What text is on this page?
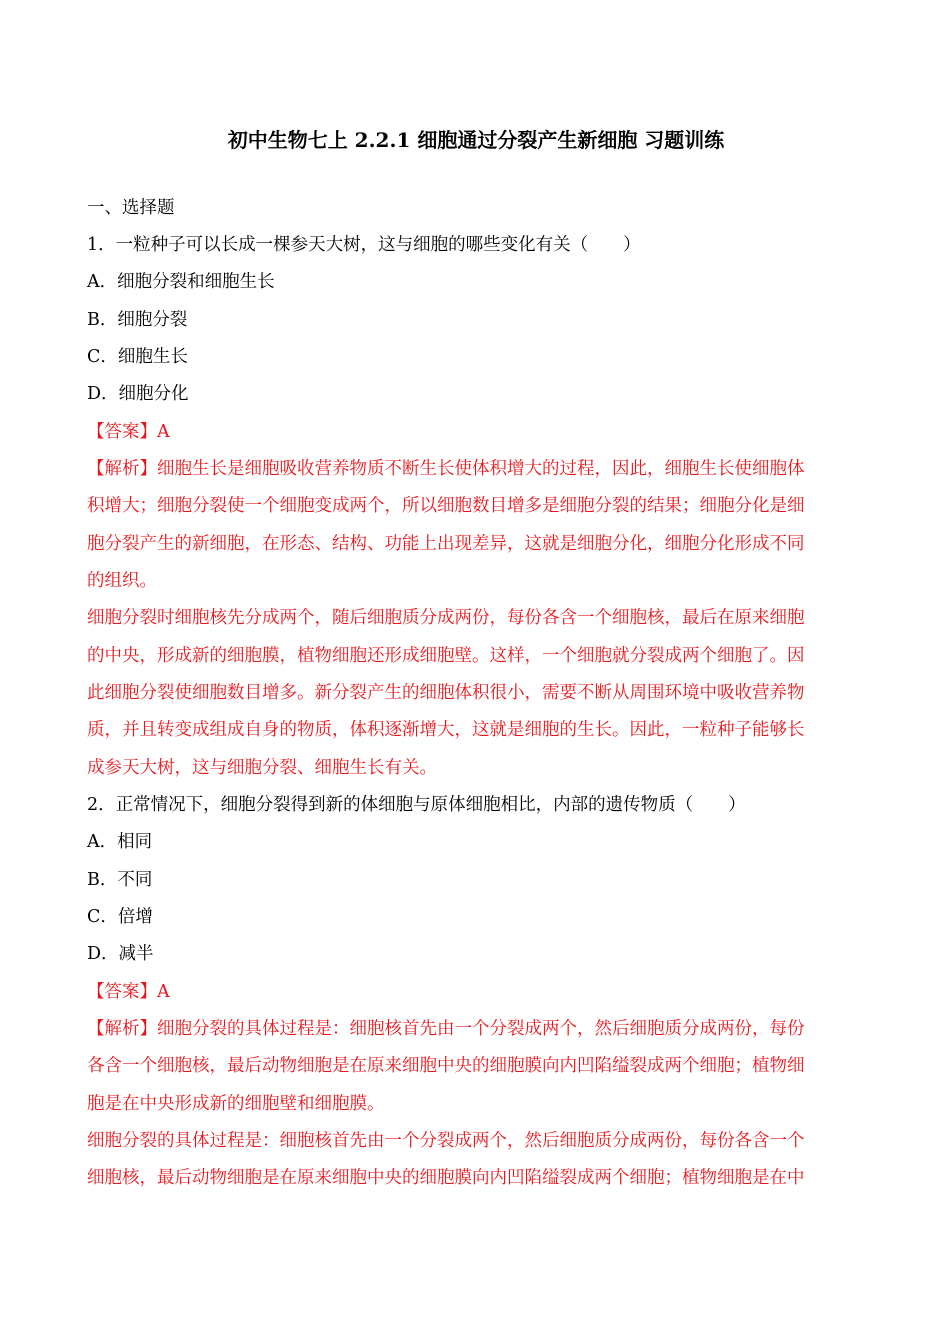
初中生物七上 2.2.1 细胞通过分裂产生新细胞 习题训练
一、选择题
1．一粒种子可以长成一棵参天大树，这与细胞的哪些变化有关（　　）
A．细胞分裂和细胞生长
B．细胞分裂
C．细胞生长
D．细胞分化
【答案】A
【解析】细胞生长是细胞吸收营养物质不断生长使体积增大的过程，因此，细胞生长使细胞体
积增大；细胞分裂使一个细胞变成两个，所以细胞数目增多是细胞分裂的结果；细胞分化是细
胞分裂产生的新细胞，在形态、结构、功能上出现差异，这就是细胞分化，细胞分化形成不同
的组织。
细胞分裂时细胞核先分成两个，随后细胞质分成两份，每份各含一个细胞核，最后在原来细胞
的中央，形成新的细胞膜，植物细胞还形成细胞壁。这样，一个细胞就分裂成两个细胞了。因
此细胞分裂使细胞数目增多。新分裂产生的细胞体积很小，需要不断从周围环境中吸收营养物
质，并且转变成组成自身的物质，体积逐渐增大，这就是细胞的生长。因此，一粒种子能够长
成参天大树，这与细胞分裂、细胞生长有关。
2．正常情况下，细胞分裂得到新的体细胞与原体细胞相比，内部的遗传物质（　　）
A．相同
B．不同
C．倍增
D．减半
【答案】A
【解析】细胞分裂的具体过程是：细胞核首先由一个分裂成两个，然后细胞质分成两份，每份
各含一个细胞核，最后动物细胞是在原来细胞中央的细胞膜向内凹陷缢裂成两个细胞；植物细
胞是在中央形成新的细胞壁和细胞膜。
细胞分裂的具体过程是：细胞核首先由一个分裂成两个，然后细胞质分成两份，每份各含一个
细胞核，最后动物细胞是在原来细胞中央的细胞膜向内凹陷缢裂成两个细胞；植物细胞是在中
